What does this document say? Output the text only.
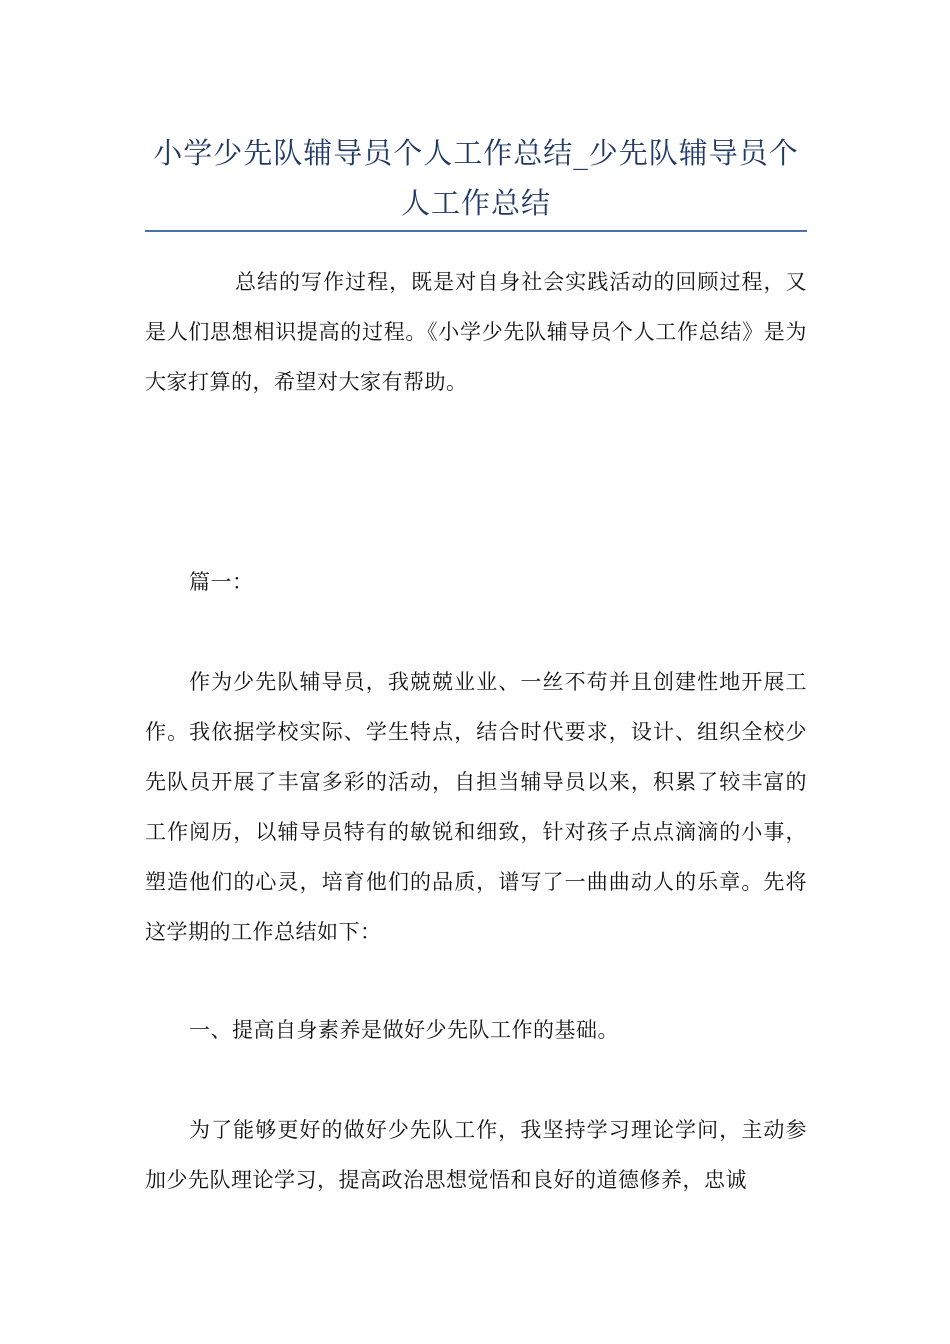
小学少先队辅导员个人工作总结_少先队辅导员个人工作总结

总结的写作过程，既是对自身社会实践活动的回顾过程，又是人们思想相识提高的过程。《小学少先队辅导员个人工作总结》是为大家打算的，希望对大家有帮助。

篇一：

作为少先队辅导员，我兢兢业业、一丝不苟并且创建性地开展工作。我依据学校实际、学生特点，结合时代要求，设计、组织全校少先队员开展了丰富多彩的活动，自担当辅导员以来，积累了较丰富的工作阅历，以辅导员特有的敏锐和细致，针对孩子点点滴滴的小事，塑造他们的心灵，培育他们的品质，谱写了一曲曲动人的乐章。先将这学期的工作总结如下：

一、提高自身素养是做好少先队工作的基础。

为了能够更好的做好少先队工作，我坚持学习理论学问，主动参加少先队理论学习，提高政治思想觉悟和良好的道德修养，忠诚
